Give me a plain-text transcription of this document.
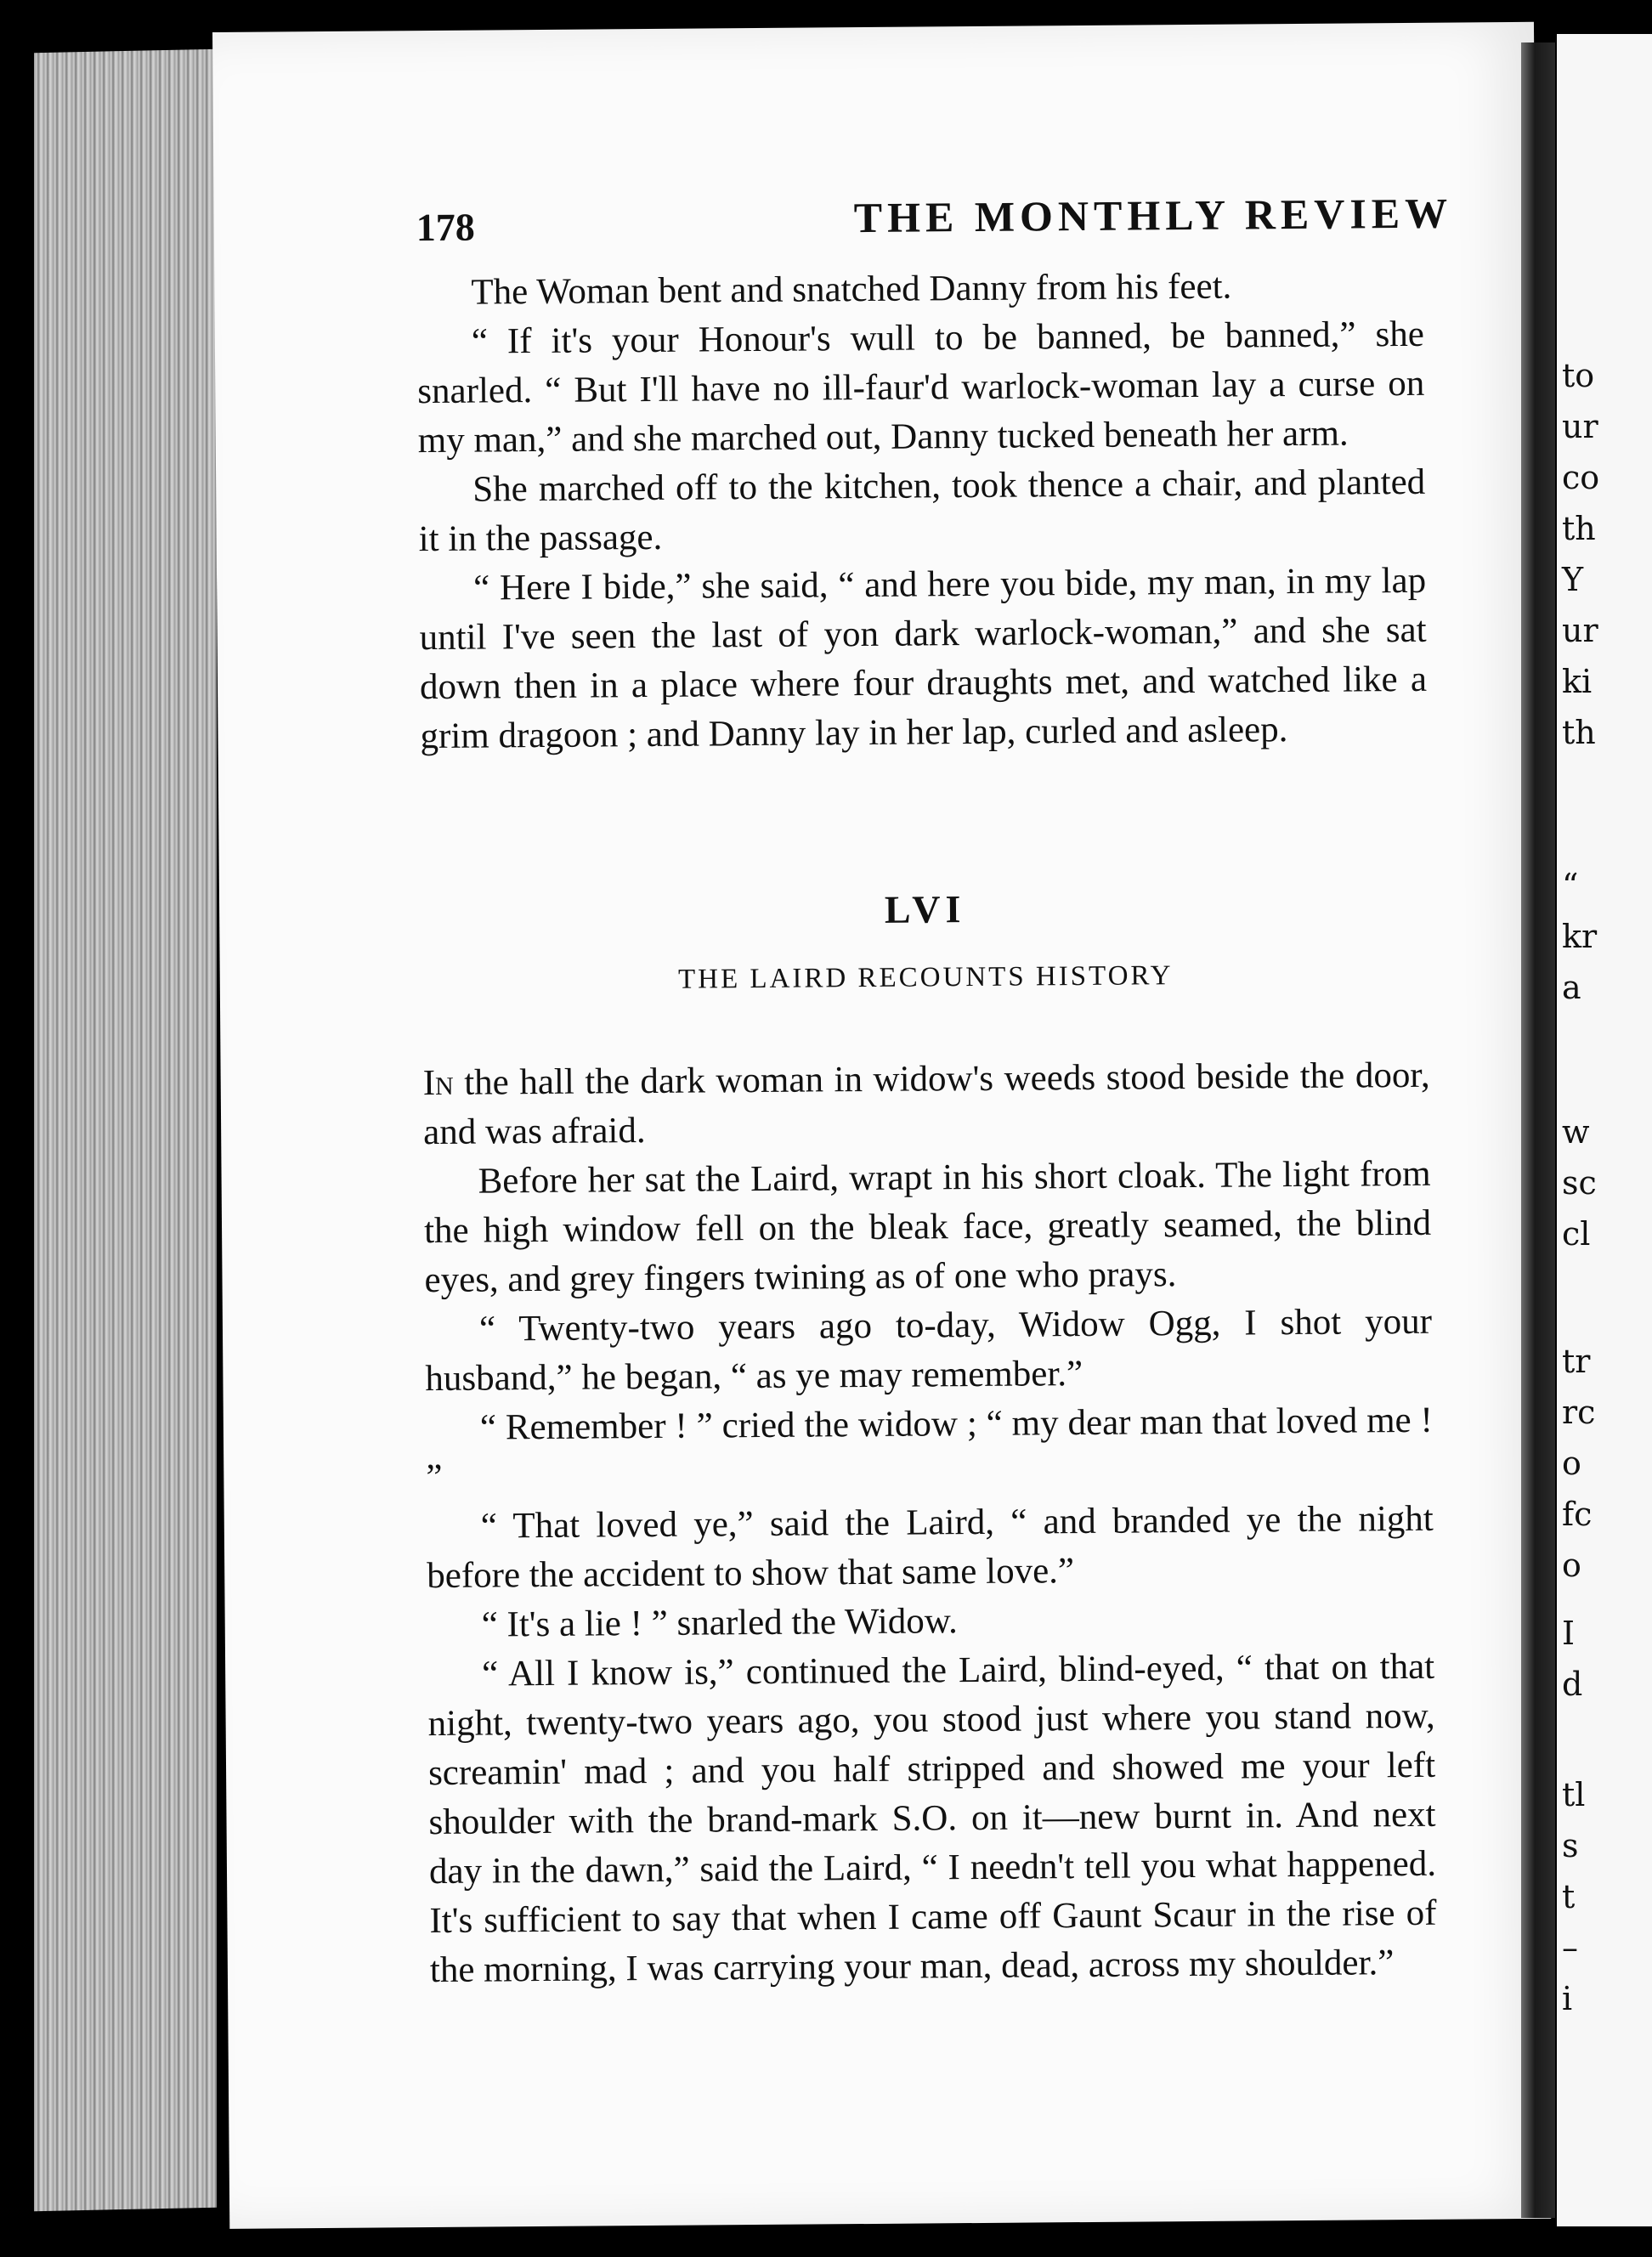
178	THE MONTHLY REVIEW

The Woman bent and snatched Danny from his feet.

“ If it's your Honour's wull to be banned, be banned,” she snarled. “ But I'll have no ill-faur'd warlock-woman lay a curse on my man,” and she marched out, Danny tucked beneath her arm.

She marched off to the kitchen, took thence a chair, and planted it in the passage.

“ Here I bide,” she said, “ and here you bide, my man, in my lap until I've seen the last of yon dark warlock-woman,” and she sat down then in a place where four draughts met, and watched like a grim dragoon ; and Danny lay in her lap, curled and asleep.

LVI

THE LAIRD RECOUNTS HISTORY

In the hall the dark woman in widow's weeds stood beside the door, and was afraid.

Before her sat the Laird, wrapt in his short cloak. The light from the high window fell on the bleak face, greatly seamed, the blind eyes, and grey fingers twining as of one who prays.

“ Twenty-two years ago to-day, Widow Ogg, I shot your husband,” he began, “ as ye may remember.”

“ Remember ! ” cried the widow ; “ my dear man that loved me ! ”

“ That loved ye,” said the Laird, “ and branded ye the night before the accident to show that same love.”

“ It's a lie ! ” snarled the Widow.

“ All I know is,” continued the Laird, blind-eyed, “ that on that night, twenty-two years ago, you stood just where you stand now, screamin' mad ; and you half stripped and showed me your left shoulder with the brand-mark S.O. on it—new burnt in. And next day in the dawn,” said the Laird, “ I needn't tell you what happened. It's sufficient to say that when I came off Gaunt Scaur in the rise of the morning, I was carrying your man, dead, across my shoulder.”

to
ur
co
th
Y
ur
ki
th
“
kr
a
w
sc
cl
tr
rc
o
fc
o
I
d
tl
s
t
–
i
